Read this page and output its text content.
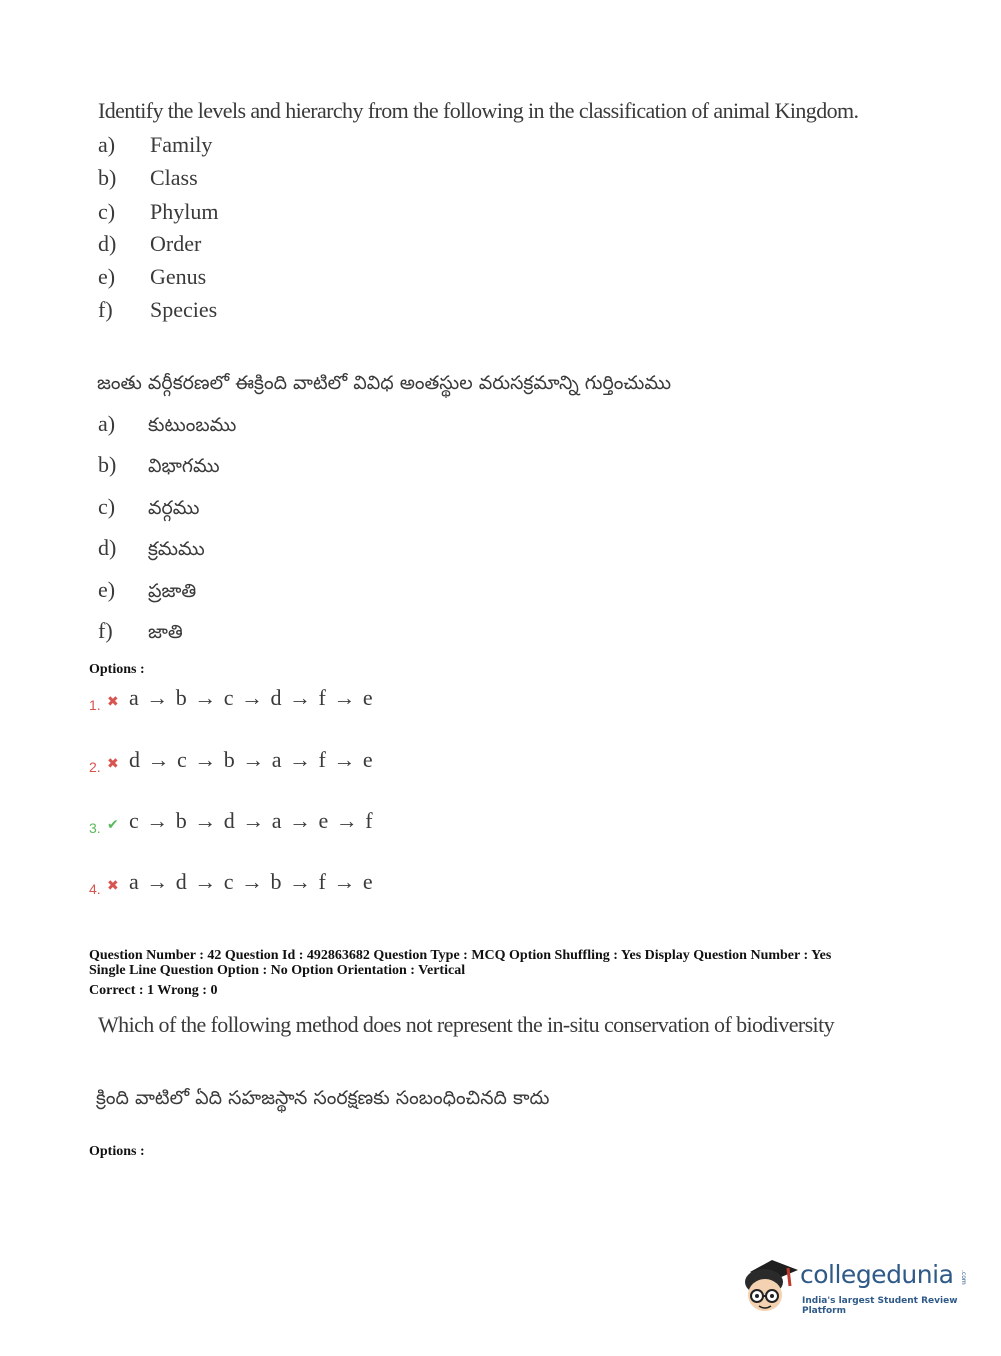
Identify the levels and hierarchy from the following in the classification of animal Kingdom.
a)	Family
b)	Class
c)	Phylum
d)	Order
e)	Genus
f)	Species
జంతు వర్గీకరణలో ఈక్రింది వాటిలో వివిధ అంతస్థుల వరుసక్రమాన్ని గుర్తించుము
a)	కుటుంబము
b)	విభాగము
c)	వర్గము
d)	క్రమము
e)	ప్రజాతి
f)	జాతి
Options :
1. ✖ a → b → c → d → f → e
2. ✖ d → c → b → a → f → e
3. ✔ c → b → d → a → e → f
4. ✖ a → d → c → b → f → e
Question Number : 42 Question Id : 492863682 Question Type : MCQ Option Shuffling : Yes Display Question Number : Yes
Single Line Question Option : No Option Orientation : Vertical
Correct : 1 Wrong : 0
Which of the following method does not represent the in-situ conservation of biodiversity
క్రింది వాటిలో ఏది సహజస్థాన సంరక్షణకు సంబంధించినది కాదు
Options :
collegedunia .com
India's largest Student Review Platform
